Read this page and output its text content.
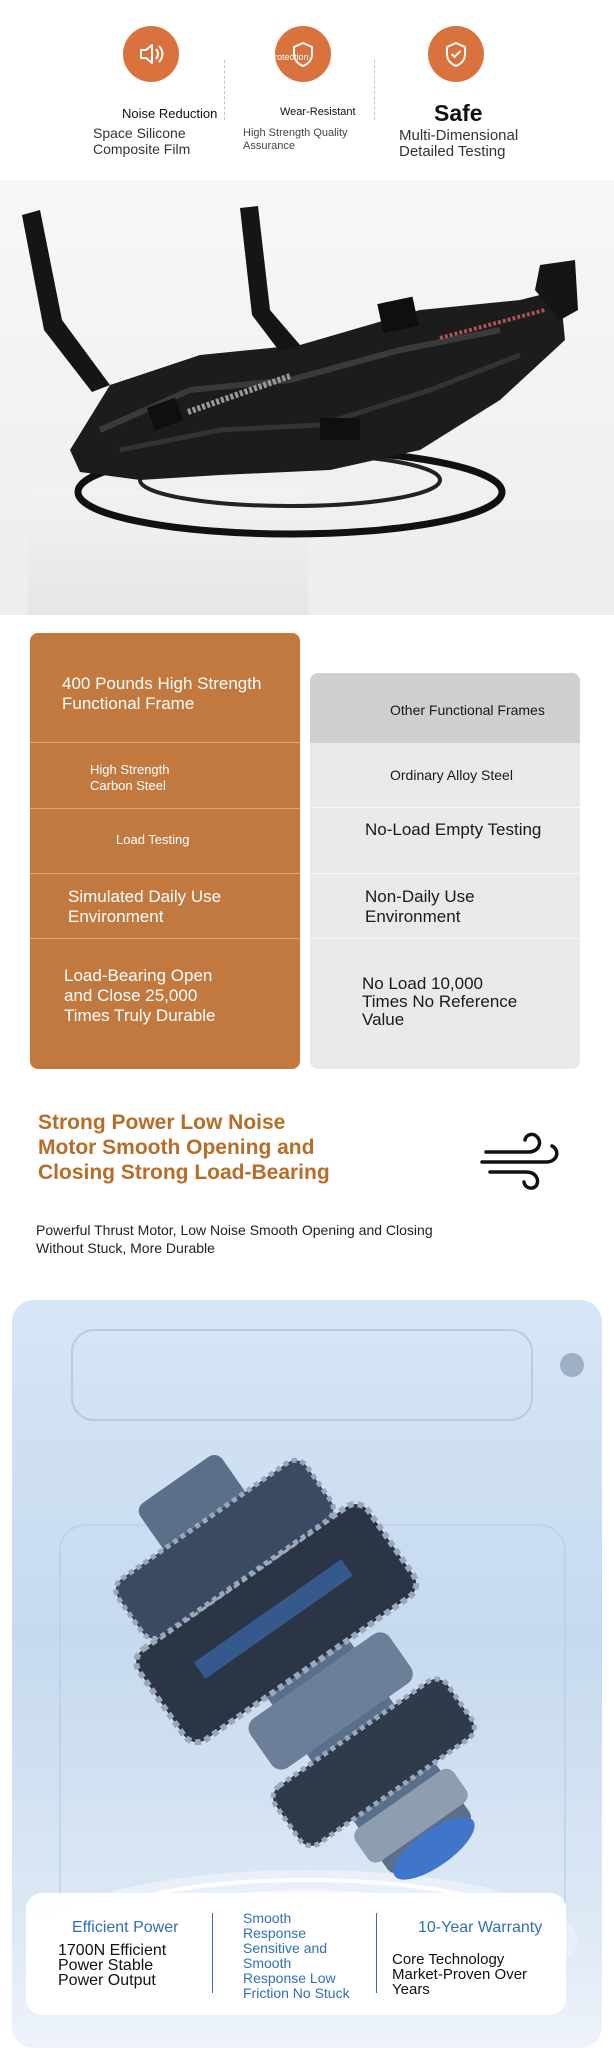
Protection
Noise Reduction
Space Silicone Composite Film
Wear-Resistant
High Strength Quality Assurance
Safe
Multi-Dimensional Detailed Testing
400 Pounds High Strength Functional Frame
High Strength Carbon Steel
Load Testing
Simulated Daily Use Environment
Load-Bearing Open and Close 25,000 Times Truly Durable
Other Functional Frames
Ordinary Alloy Steel
No-Load Empty Testing
Non-Daily Use Environment
No Load 10,000 Times No Reference Value
Strong Power Low Noise Motor Smooth Opening and Closing Strong Load-Bearing
Powerful Thrust Motor, Low Noise Smooth Opening and Closing Without Stuck, More Durable
Efficient Power
1700N Efficient Power Stable Power Output
Smooth Response Sensitive and Smooth Response Low Friction No Stuck
10-Year Warranty
Core Technology Market-Proven Over Years
